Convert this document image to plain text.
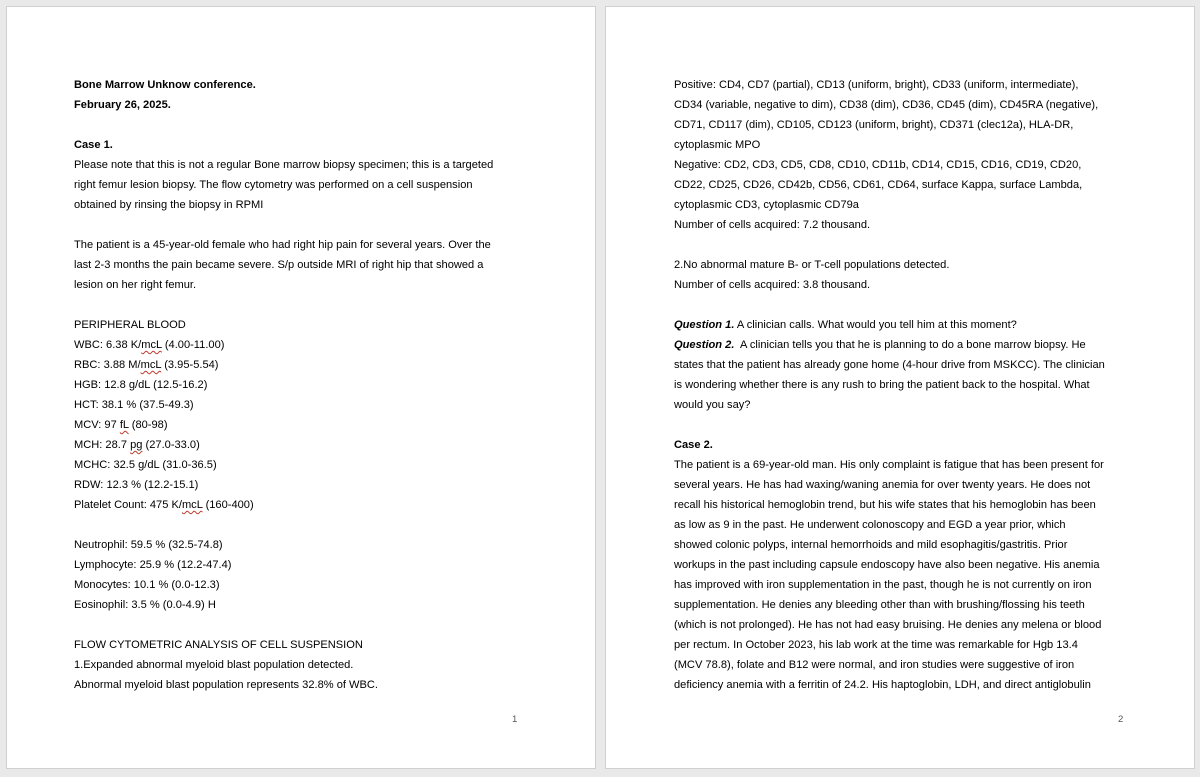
Bone Marrow Unknow conference.
February 26, 2025.
Case 1.
Please note that this is not a regular Bone marrow biopsy specimen; this is a targeted
right femur lesion biopsy. The flow cytometry was performed on a cell suspension
obtained by rinsing the biopsy in RPMI
The patient is a 45-year-old female who had right hip pain for several years. Over the
last 2-3 months the pain became severe. S/p outside MRI of right hip that showed a
lesion on her right femur.
PERIPHERAL BLOOD
WBC: 6.38 K/mcL (4.00-11.00)
RBC: 3.88 M/mcL (3.95-5.54)
HGB: 12.8 g/dL (12.5-16.2)
HCT: 38.1 % (37.5-49.3)
MCV: 97 fL (80-98)
MCH: 28.7 pg (27.0-33.0)
MCHC: 32.5 g/dL (31.0-36.5)
RDW: 12.3 % (12.2-15.1)
Platelet Count: 475 K/mcL (160-400)
Neutrophil: 59.5 % (32.5-74.8)
Lymphocyte: 25.9 % (12.2-47.4)
Monocytes: 10.1 % (0.0-12.3)
Eosinophil: 3.5 % (0.0-4.9) H
FLOW CYTOMETRIC ANALYSIS OF CELL SUSPENSION
1.Expanded abnormal myeloid blast population detected.
Abnormal myeloid blast population represents 32.8% of WBC.
1
Positive: CD4, CD7 (partial), CD13 (uniform, bright), CD33 (uniform, intermediate),
CD34 (variable, negative to dim), CD38 (dim), CD36, CD45 (dim), CD45RA (negative),
CD71, CD117 (dim), CD105, CD123 (uniform, bright), CD371 (clec12a), HLA-DR,
cytoplasmic MPO
Negative: CD2, CD3, CD5, CD8, CD10, CD11b, CD14, CD15, CD16, CD19, CD20,
CD22, CD25, CD26, CD42b, CD56, CD61, CD64, surface Kappa, surface Lambda,
cytoplasmic CD3, cytoplasmic CD79a
Number of cells acquired: 7.2 thousand.
2.No abnormal mature B- or T-cell populations detected.
Number of cells acquired: 3.8 thousand.
Question 1. A clinician calls. What would you tell him at this moment?
Question 2.  A clinician tells you that he is planning to do a bone marrow biopsy. He
states that the patient has already gone home (4-hour drive from MSKCC). The clinician
is wondering whether there is any rush to bring the patient back to the hospital. What
would you say?
Case 2.
The patient is a 69-year-old man. His only complaint is fatigue that has been present for
several years. He has had waxing/waning anemia for over twenty years. He does not
recall his historical hemoglobin trend, but his wife states that his hemoglobin has been
as low as 9 in the past. He underwent colonoscopy and EGD a year prior, which
showed colonic polyps, internal hemorrhoids and mild esophagitis/gastritis. Prior
workups in the past including capsule endoscopy have also been negative. His anemia
has improved with iron supplementation in the past, though he is not currently on iron
supplementation. He denies any bleeding other than with brushing/flossing his teeth
(which is not prolonged). He has not had easy bruising. He denies any melena or blood
per rectum. In October 2023, his lab work at the time was remarkable for Hgb 13.4
(MCV 78.8), folate and B12 were normal, and iron studies were suggestive of iron
deficiency anemia with a ferritin of 24.2. His haptoglobin, LDH, and direct antiglobulin
2
